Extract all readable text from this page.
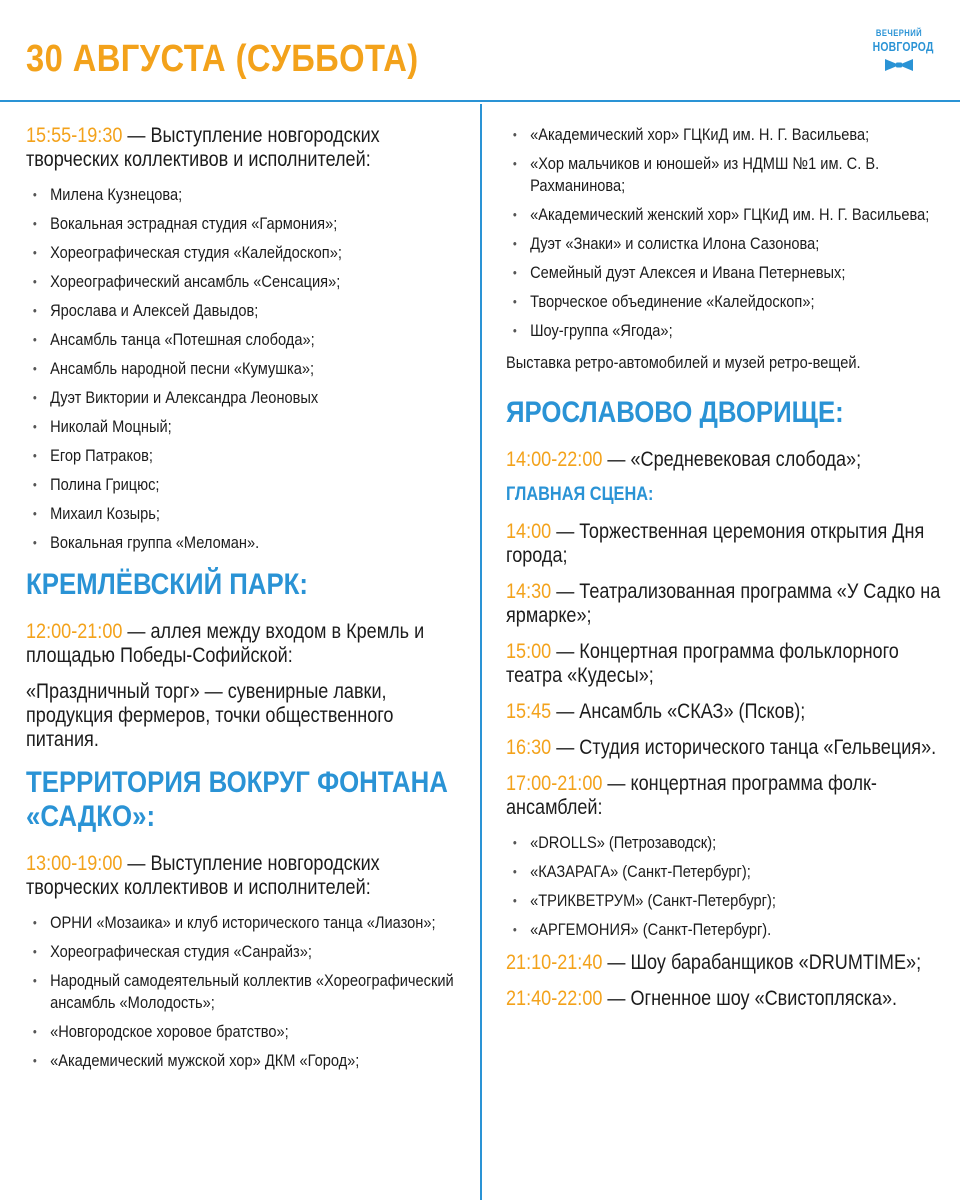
30 АВГУСТА (СУББОТА)
ВЕЧЕРНИЙ
НОВГОРОД
15:55-19:30 — Выступление новгородских творческих коллективов и исполнителей:
• Милена Кузнецова;
• Вокальная эстрадная студия «Гармония»;
• Хореографическая студия «Калейдоскоп»;
• Хореографический ансамбль «Сенсация»;
• Ярослава и Алексей Давыдов;
• Ансамбль танца «Потешная слобода»;
• Ансамбль народной песни «Кумушка»;
• Дуэт Виктории и Александра Леоновых
• Николай Моцный;
• Егор Патраков;
• Полина Грицюс;
• Михаил Козырь;
• Вокальная группа «Меломан».
КРЕМЛЁВСКИЙ ПАРК:
12:00-21:00 — аллея между входом в Кремль и площадью Победы-Софийской:
«Праздничный торг» — сувенирные лавки, продукция фермеров, точки общественного питания.
ТЕРРИТОРИЯ ВОКРУГ ФОНТАНА «САДКО»:
13:00-19:00 — Выступление новгородских творческих коллективов и исполнителей:
• ОРНИ «Мозаика» и клуб исторического танца «Лиазон»;
• Хореографическая студия «Санрайз»;
• Народный самодеятельный коллектив «Хореографический ансамбль «Молодость»;
• «Новгородское хоровое братство»;
• «Академический мужской хор» ДКМ «Город»;
• «Академический хор» ГЦКиД им. Н. Г. Васильева;
• «Хор мальчиков и юношей» из НДМШ №1 им. С. В. Рахманинова;
• «Академический женский хор» ГЦКиД им. Н. Г. Васильева;
• Дуэт «Знаки» и солистка Илона Сазонова;
• Семейный дуэт Алексея и Ивана Петерневых;
• Творческое объединение «Калейдоскоп»;
• Шоу-группа «Ягода»;
Выставка ретро-автомобилей и музей ретро-вещей.
ЯРОСЛАВОВО ДВОРИЩЕ:
14:00-22:00 — «Средневековая слобода»;
ГЛАВНАЯ СЦЕНА:
14:00 — Торжественная церемония открытия Дня города;
14:30 — Театрализованная программа «У Садко на ярмарке»;
15:00 — Концертная программа фольклорного театра «Кудесы»;
15:45 — Ансамбль «СКАЗ» (Псков);
16:30 — Студия исторического танца «Гельвеция».
17:00-21:00 — концертная программа фолк-ансамблей:
• «DROLLS» (Петрозаводск);
• «КАЗАРАГА» (Санкт-Петербург);
• «ТРИКВЕТРУМ» (Санкт-Петербург);
• «АРГЕМОНИЯ» (Санкт-Петербург).
21:10-21:40 — Шоу барабанщиков «DRUMTIME»;
21:40-22:00 — Огненное шоу «Свистопляска».
